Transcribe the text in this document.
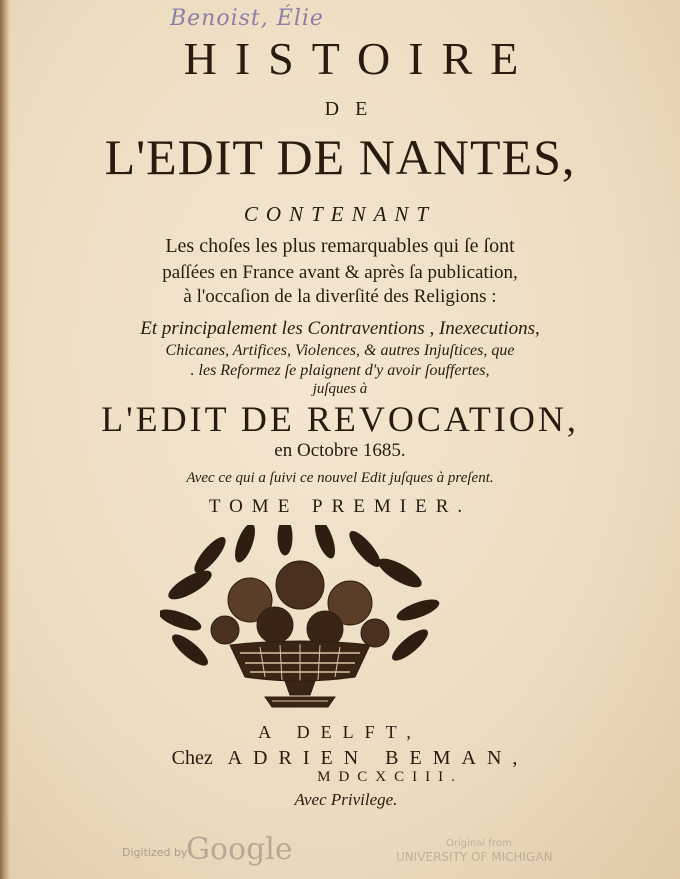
Benoist, Élie
HISTOIRE
DE
L'EDIT DE NANTES,
CONTENANT
Les choſes les plus remarquables qui ſe ſont
paſſées en France avant & après ſa publication,
à l'occaſion de la diverſité des Religions :
Et principalement les Contraventions , Inexecutions,
Chicanes, Artifices, Violences, & autres Injuſtices, que
. les Reformez ſe plaignent d'y avoir ſouffertes,
juſques à
L'EDIT DE REVOCATION,
en Octobre 1685.
Avec ce qui a ſuivi ce nouvel Edit juſques à preſent.
TOME PREMIER.
A DELFT,
Chez ADRIEN BEMAN,
MDCXCIII.
Avec Privilege.
Digitized by
Google	Original from
UNIVERSITY OF MICHIGAN
